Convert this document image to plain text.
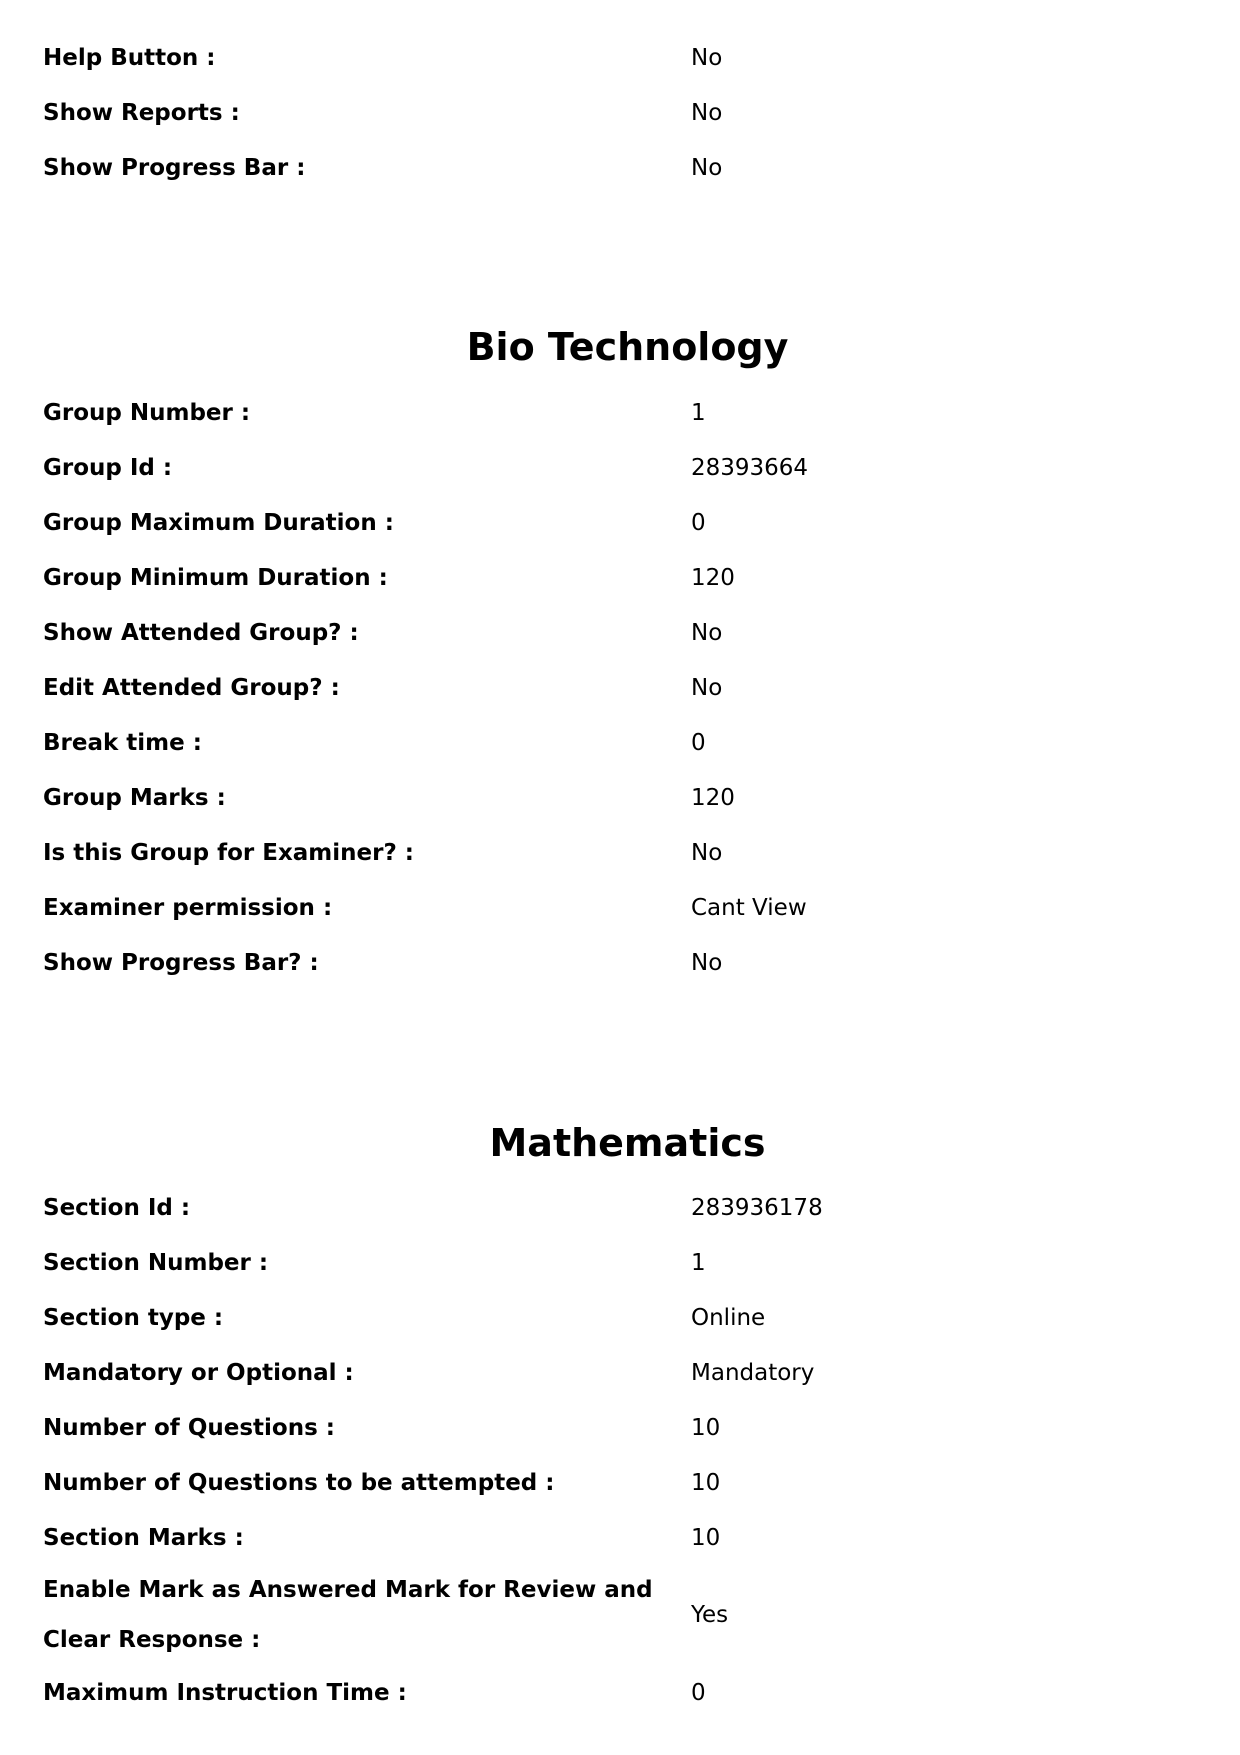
Help Button :	No
Show Reports :	No
Show Progress Bar :	No
Bio Technology
Group Number :	1
Group Id :	28393664
Group Maximum Duration :	0
Group Minimum Duration :	120
Show Attended Group? :	No
Edit Attended Group? :	No
Break time :	0
Group Marks :	120
Is this Group for Examiner? :	No
Examiner permission :	Cant View
Show Progress Bar? :	No
Mathematics
Section Id :	283936178
Section Number :	1
Section type :	Online
Mandatory or Optional :	Mandatory
Number of Questions :	10
Number of Questions to be attempted :	10
Section Marks :	10
Enable Mark as Answered Mark for Review and Clear Response :
Yes
Maximum Instruction Time :	0
